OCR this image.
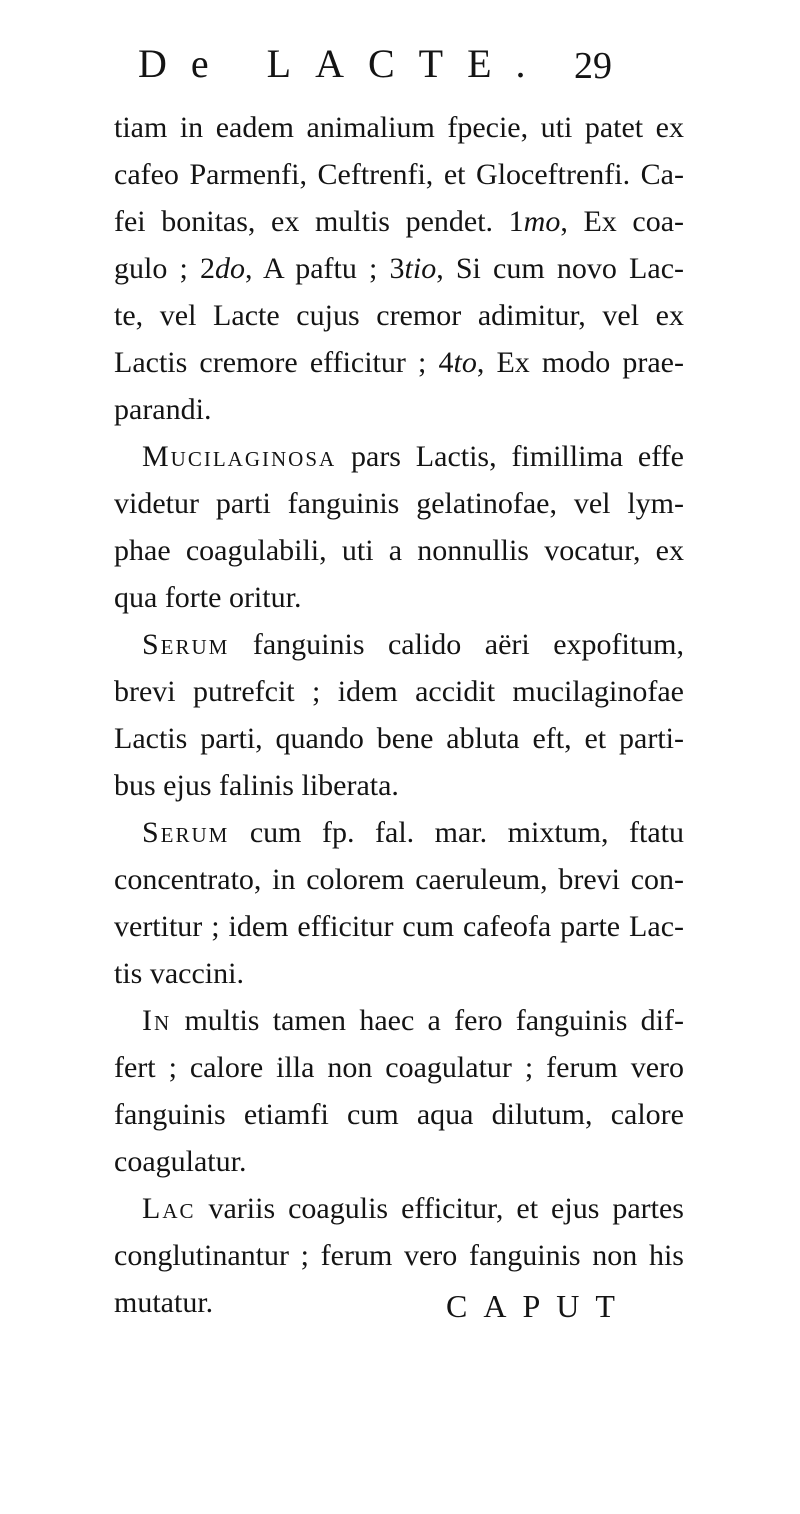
De LACTE. 29
tiam in eadem animalium fpecie, uti patet ex
cafeo Parmenfi, Ceftrenfi, et Gloceftrenfi. Ca-
fei bonitas, ex multis pendet. 1mo, Ex coa-
gulo ; 2do, A paftu ; 3tio, Si cum novo Lac-
te, vel Lacte cujus cremor adimitur, vel ex
Lactis cremore efficitur ; 4to, Ex modo prae-
parandi.
Mucilaginosa pars Lactis, fimillima effe
videtur parti fanguinis gelatinofae, vel lym-
phae coagulabili, uti a nonnullis vocatur, ex
qua forte oritur.
Serum fanguinis calido aëri expofitum,
brevi putrefcit ; idem accidit mucilaginofae
Lactis parti, quando bene abluta eft, et parti-
bus ejus falinis liberata.
Serum cum fp. fal. mar. mixtum, ftatu
concentrato, in colorem caeruleum, brevi con-
vertitur ; idem efficitur cum cafeofa parte Lac-
tis vaccini.
In multis tamen haec a fero fanguinis dif-
fert ; calore illa non coagulatur ; ferum vero
fanguinis etiamfi cum aqua dilutum, calore
coagulatur.
Lac variis coagulis efficitur, et ejus partes
conglutinantur ; ferum vero fanguinis non his
mutatur.	CAPUT
